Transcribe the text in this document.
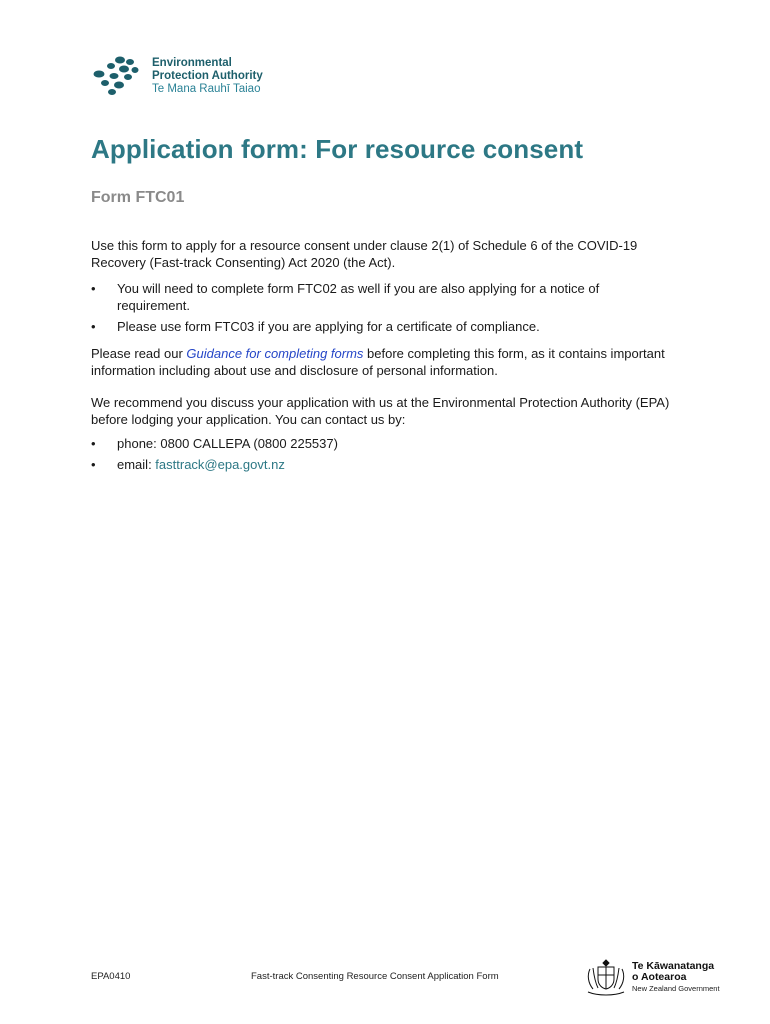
Environmental
Protection Authority
Te Mana Rauhī Taiao
Application form: For resource consent
Form FTC01

Use this form to apply for a resource consent under clause 2(1) of Schedule 6 of the COVID-19 Recovery (Fast-track Consenting) Act 2020 (the Act).

• You will need to complete form FTC02 as well if you are also applying for a notice of requirement.
• Please use form FTC03 if you are applying for a certificate of compliance.

Please read our Guidance for completing forms before completing this form, as it contains important information including about use and disclosure of personal information.

We recommend you discuss your application with us at the Environmental Protection Authority (EPA) before lodging your application. You can contact us by:

• phone: 0800 CALLEPA (0800 225537)
• email: fasttrack@epa.govt.nz
EPA0410	Fast-track Consenting Resource Consent Application Form
Te Kāwanatanga
o Aotearoa
New Zealand Government
